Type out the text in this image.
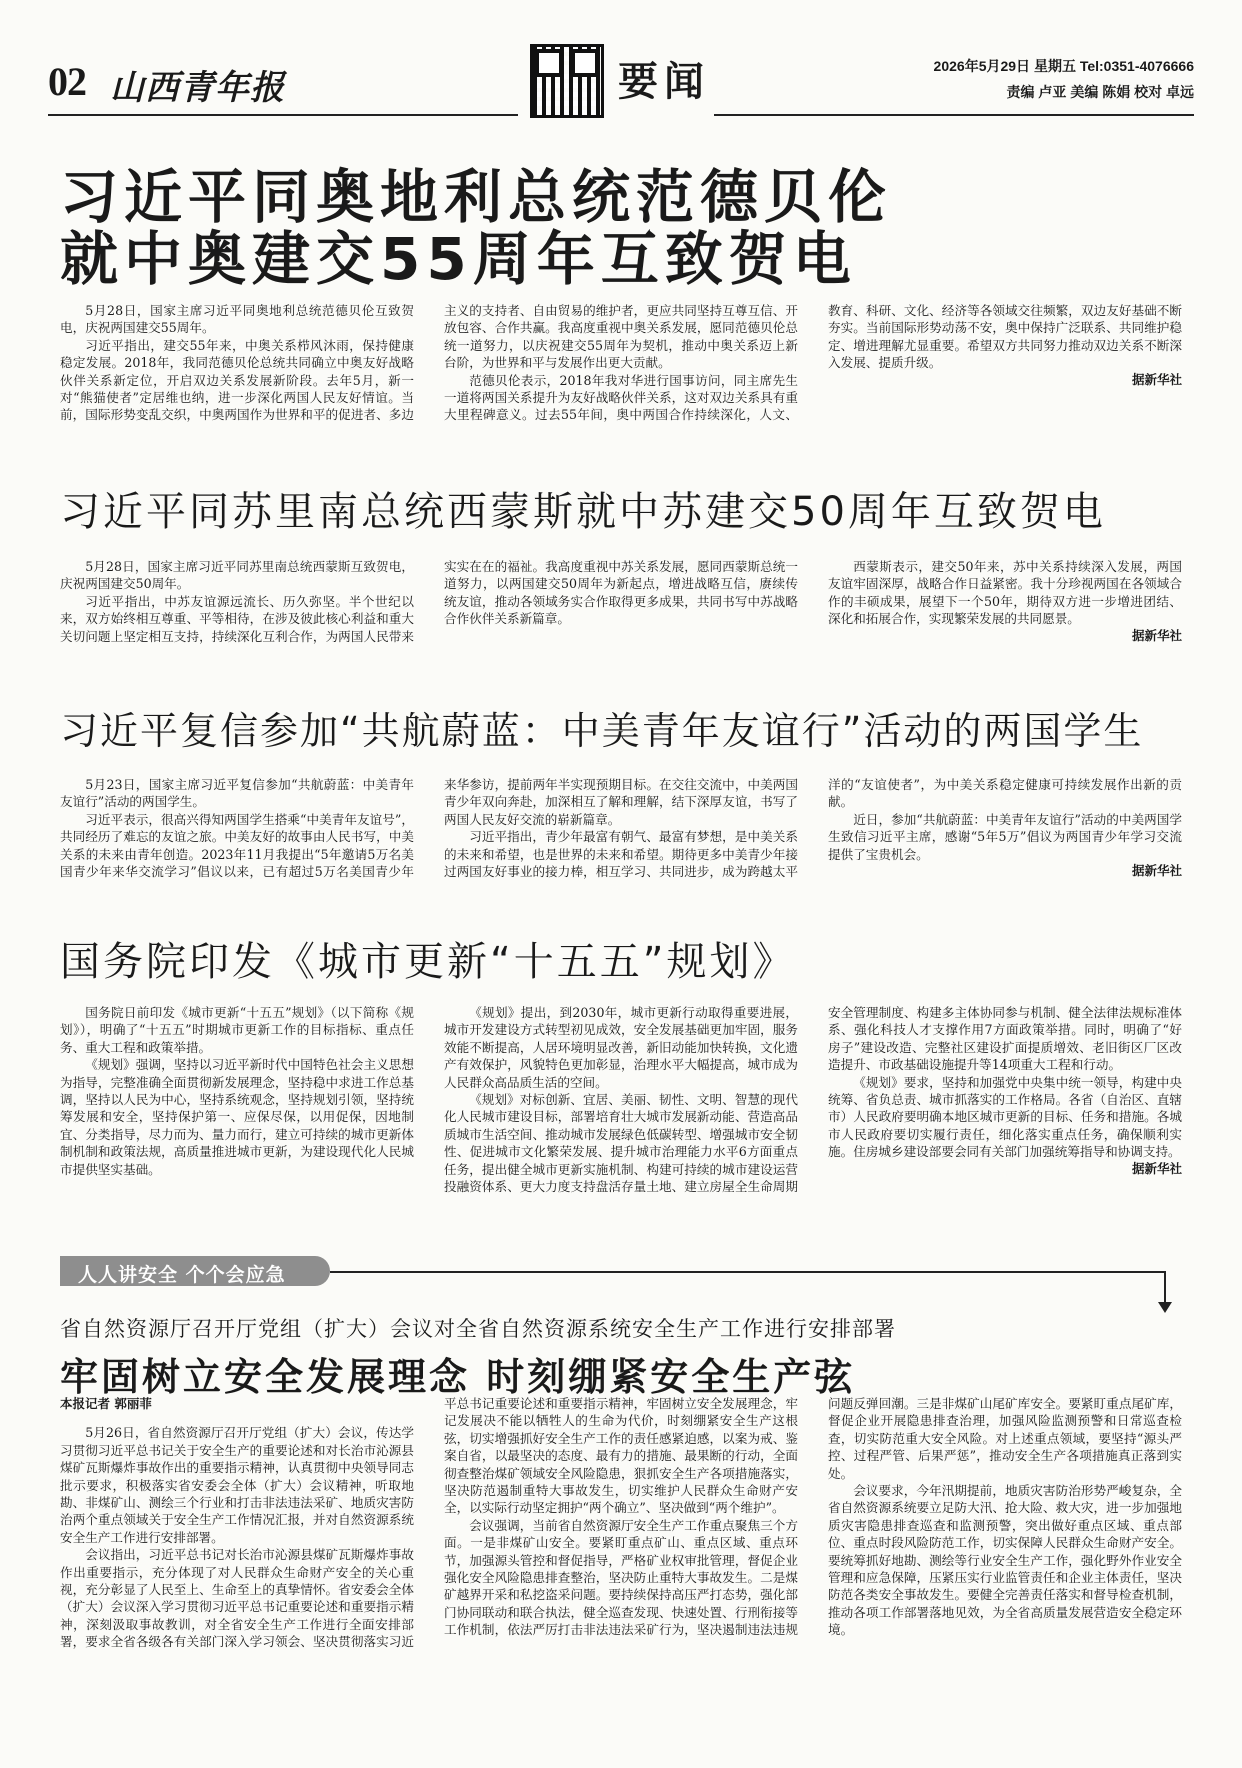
02 山西青年报	要闻	2026年5月29日 星期五 Tel:0351-4076666
责编 卢亚 美编 陈娟 校对 卓远
习近平同奥地利总统范德贝伦
就中奥建交55周年互致贺电

5月28日，国家主席习近平同奥地利总统范德贝伦互致贺电，庆祝两国建交55周年。

习近平指出，建交55年来，中奥关系栉风沐雨，保持健康稳定发展。2018年，我同范德贝伦总统共同确立中奥友好战略伙伴关系新定位，开启双边关系发展新阶段。去年5月，新一对“熊猫使者”定居维也纳，进一步深化两国人民友好情谊。当前，国际形势变乱交织，中奥两国作为世界和平的促进者、多边主义的支持者、自由贸易的维护者，更应共同坚持互尊互信、开放包容、合作共赢。我高度重视中奥关系发展，愿同范德贝伦总统一道努力，以庆祝建交55周年为契机，推动中奥关系迈上新台阶，为世界和平与发展作出更大贡献。

范德贝伦表示，2018年我对华进行国事访问，同主席先生一道将两国关系提升为友好战略伙伴关系，这对双边关系具有重大里程碑意义。过去55年间，奥中两国合作持续深化，人文、教育、科研、文化、经济等各领域交往频繁，双边友好基础不断夯实。当前国际形势动荡不安，奥中保持广泛联系、共同维护稳定、增进理解尤显重要。希望双方共同努力推动双边关系不断深入发展、提质升级。

据新华社
习近平同苏里南总统西蒙斯就中苏建交50周年互致贺电

5月28日，国家主席习近平同苏里南总统西蒙斯互致贺电，庆祝两国建交50周年。

习近平指出，中苏友谊源远流长、历久弥坚。半个世纪以来，双方始终相互尊重、平等相待，在涉及彼此核心利益和重大关切问题上坚定相互支持，持续深化互利合作，为两国人民带来实实在在的福祉。我高度重视中苏关系发展，愿同西蒙斯总统一道努力，以两国建交50周年为新起点，增进战略互信，赓续传统友谊，推动各领域务实合作取得更多成果，共同书写中苏战略合作伙伴关系新篇章。

西蒙斯表示，建交50年来，苏中关系持续深入发展，两国友谊牢固深厚，战略合作日益紧密。我十分珍视两国在各领域合作的丰硕成果，展望下一个50年，期待双方进一步增进团结、深化和拓展合作，实现繁荣发展的共同愿景。

据新华社
习近平复信参加“共航蔚蓝：中美青年友谊行”活动的两国学生

5月23日，国家主席习近平复信参加“共航蔚蓝：中美青年友谊行”活动的两国学生。

习近平表示，很高兴得知两国学生搭乘“中美青年友谊号”，共同经历了难忘的友谊之旅。中美友好的故事由人民书写，中美关系的未来由青年创造。2023年11月我提出“5年邀请5万名美国青少年来华交流学习”倡议以来，已有超过5万名美国青少年来华参访，提前两年半实现预期目标。在交往交流中，中美两国青少年双向奔赴，加深相互了解和理解，结下深厚友谊，书写了两国人民友好交流的崭新篇章。

习近平指出，青少年最富有朝气、最富有梦想，是中美关系的未来和希望，也是世界的未来和希望。期待更多中美青少年接过两国友好事业的接力棒，相互学习、共同进步，成为跨越太平洋的“友谊使者”，为中美关系稳定健康可持续发展作出新的贡献。

近日，参加“共航蔚蓝：中美青年友谊行”活动的中美两国学生致信习近平主席，感谢“5年5万”倡议为两国青少年学习交流提供了宝贵机会。

据新华社
国务院印发《城市更新“十五五”规划》

国务院日前印发《城市更新“十五五”规划》（以下简称《规划》），明确了“十五五”时期城市更新工作的目标指标、重点任务、重大工程和政策举措。

《规划》强调，坚持以习近平新时代中国特色社会主义思想为指导，完整准确全面贯彻新发展理念，坚持稳中求进工作总基调，坚持以人民为中心，坚持系统观念，坚持规划引领，坚持统筹发展和安全，坚持保护第一、应保尽保，以用促保，因地制宜、分类指导，尽力而为、量力而行，建立可持续的城市更新体制机制和政策法规，高质量推进城市更新，为建设现代化人民城市提供坚实基础。

《规划》提出，到2030年，城市更新行动取得重要进展，城市开发建设方式转型初见成效，安全发展基础更加牢固，服务效能不断提高，人居环境明显改善，新旧动能加快转换，文化遗产有效保护，风貌特色更加彰显，治理水平大幅提高，城市成为人民群众高品质生活的空间。

《规划》对标创新、宜居、美丽、韧性、文明、智慧的现代化人民城市建设目标，部署培育壮大城市发展新动能、营造高品质城市生活空间、推动城市发展绿色低碳转型、增强城市安全韧性、促进城市文化繁荣发展、提升城市治理能力水平6方面重点任务，提出健全城市更新实施机制、构建可持续的城市建设运营投融资体系、更大力度支持盘活存量土地、建立房屋全生命周期安全管理制度、构建多主体协同参与机制、健全法律法规标准体系、强化科技人才支撑作用7方面政策举措。同时，明确了“好房子”建设改造、完整社区建设扩面提质增效、老旧街区厂区改造提升、市政基础设施提升等14项重大工程和行动。

《规划》要求，坚持和加强党中央集中统一领导，构建中央统筹、省负总责、城市抓落实的工作格局。各省（自治区、直辖市）人民政府要明确本地区城市更新的目标、任务和措施。各城市人民政府要切实履行责任，细化落实重点任务，确保顺利实施。住房城乡建设部要会同有关部门加强统筹指导和协调支持。

据新华社
人人讲安全 个个会应急
省自然资源厅召开厅党组（扩大）会议对全省自然资源系统安全生产工作进行安排部署
牢固树立安全发展理念 时刻绷紧安全生产弦
本报记者 郭丽菲

5月26日，省自然资源厅召开厅党组（扩大）会议，传达学习贯彻习近平总书记关于安全生产的重要论述和对长治市沁源县煤矿瓦斯爆炸事故作出的重要指示精神，认真贯彻中央领导同志批示要求，积极落实省安委会全体（扩大）会议精神，听取地勘、非煤矿山、测绘三个行业和打击非法违法采矿、地质灾害防治两个重点领域关于安全生产工作情况汇报，并对自然资源系统安全生产工作进行安排部署。

会议指出，习近平总书记对长治市沁源县煤矿瓦斯爆炸事故作出重要指示，充分体现了对人民群众生命财产安全的关心重视，充分彰显了人民至上、生命至上的真挚情怀。省安委会全体（扩大）会议深入学习贯彻习近平总书记重要论述和重要指示精神，深刻汲取事故教训，对全省安全生产工作进行全面安排部署，要求全省各级各有关部门深入学习领会、坚决贯彻落实习近平总书记重要论述和重要指示精神，牢固树立安全发展理念，牢记发展决不能以牺牲人的生命为代价，时刻绷紧安全生产这根弦，切实增强抓好安全生产工作的责任感紧迫感，以案为戒、鉴案自省，以最坚决的态度、最有力的措施、最果断的行动，全面彻查整治煤矿领域安全风险隐患，狠抓安全生产各项措施落实，坚决防范遏制重特大事故发生，切实维护人民群众生命财产安全，以实际行动坚定拥护“两个确立”、坚决做到“两个维护”。

会议强调，当前省自然资源厅安全生产工作重点聚焦三个方面。一是非煤矿山安全。要紧盯重点矿山、重点区域、重点环节，加强源头管控和督促指导，严格矿业权审批管理，督促企业强化安全风险隐患排查整治，坚决防止重特大事故发生。二是煤矿越界开采和私挖盗采问题。要持续保持高压严打态势，强化部门协同联动和联合执法，健全巡查发现、快速处置、行刑衔接等工作机制，依法严厉打击非法违法采矿行为，坚决遏制违法违规问题反弹回潮。三是非煤矿山尾矿库安全。要紧盯重点尾矿库，督促企业开展隐患排查治理，加强风险监测预警和日常巡查检查，切实防范重大安全风险。对上述重点领域，要坚持“源头严控、过程严管、后果严惩”，推动安全生产各项措施真正落到实处。

会议要求，今年汛期提前，地质灾害防治形势严峻复杂，全省自然资源系统要立足防大汛、抢大险、救大灾，进一步加强地质灾害隐患排查巡查和监测预警，突出做好重点区域、重点部位、重点时段风险防范工作，切实保障人民群众生命财产安全。要统筹抓好地勘、测绘等行业安全生产工作，强化野外作业安全管理和应急保障，压紧压实行业监管责任和企业主体责任，坚决防范各类安全事故发生。要健全完善责任落实和督导检查机制，推动各项工作部署落地见效，为全省高质量发展营造安全稳定环境。
